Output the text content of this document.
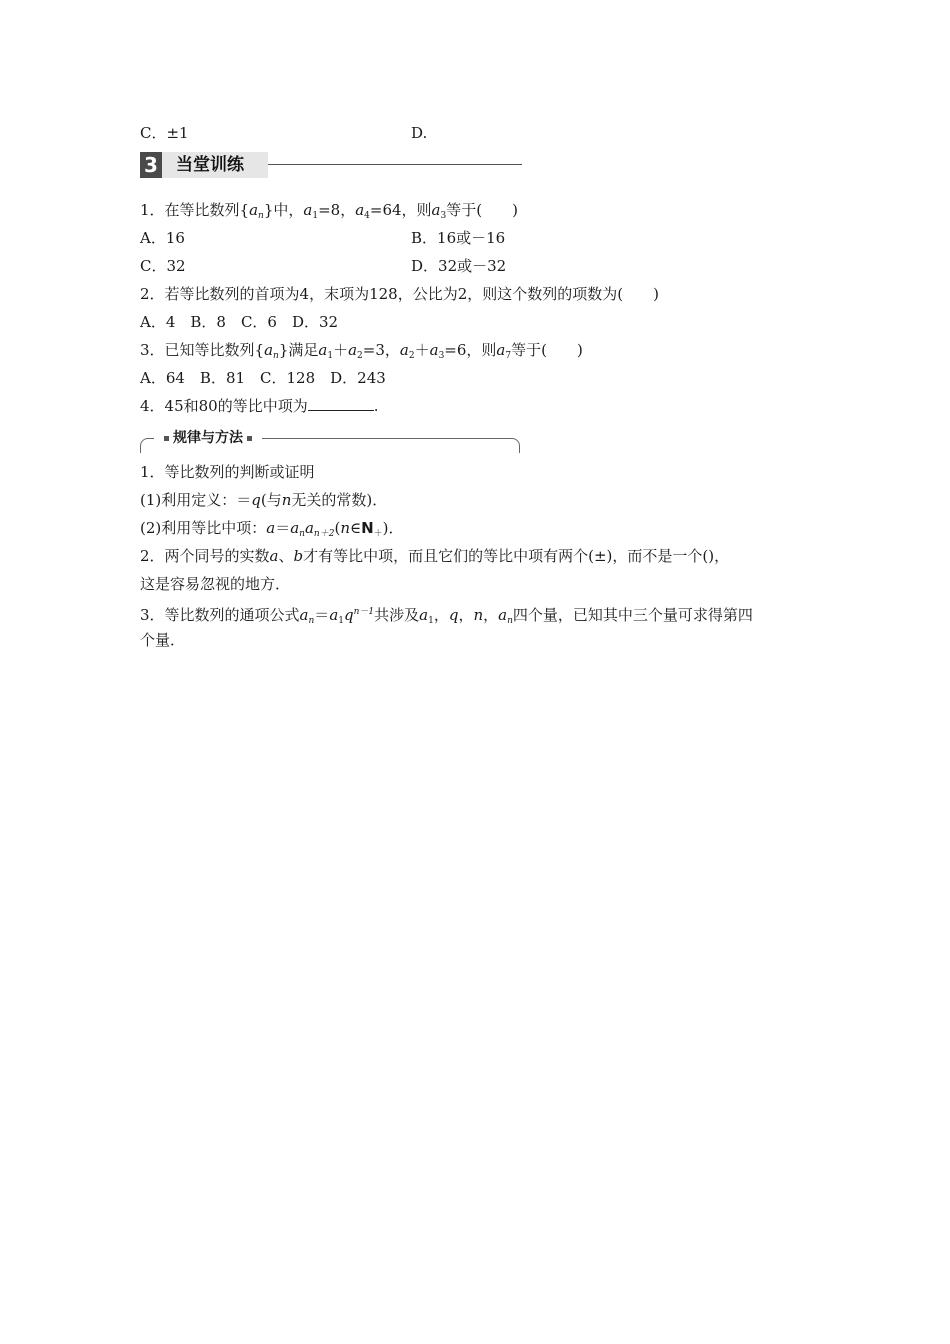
C．±1	D.
3 当堂训练
1．在等比数列$\{a_n\}$中，$a_1=8$，$a_4=64$，则$a_3$等于(　　)
A．16	B．16或－16
C．32	D．32或－32
2．若等比数列的首项为4，末项为128，公比为2，则这个数列的项数为(　　)
A．4　B．8　C．6　D．32
3．已知等比数列$\{a_n\}$满足$a_1+a_2=3$，$a_2+a_3=6$，则$a_7$等于(　　)
A．64　B．81　C．128　D．243
4．45和80的等比中项为	.
规律与方法
1．等比数列的判断或证明
(1)利用定义：＝q(与n无关的常数)．
(2)利用等比中项：$a=a_na_{n+2}(n\in N_+)$．
2．两个同号的实数a、b才有等比中项，而且它们的等比中项有两个(±)，而不是一个()，
这是容易忽视的地方．
3．等比数列的通项公式$a_n=a_1q^{n-1}$共涉及$a_1$，q，n，$a_n$四个量，已知其中三个量可求得第四
个量．
